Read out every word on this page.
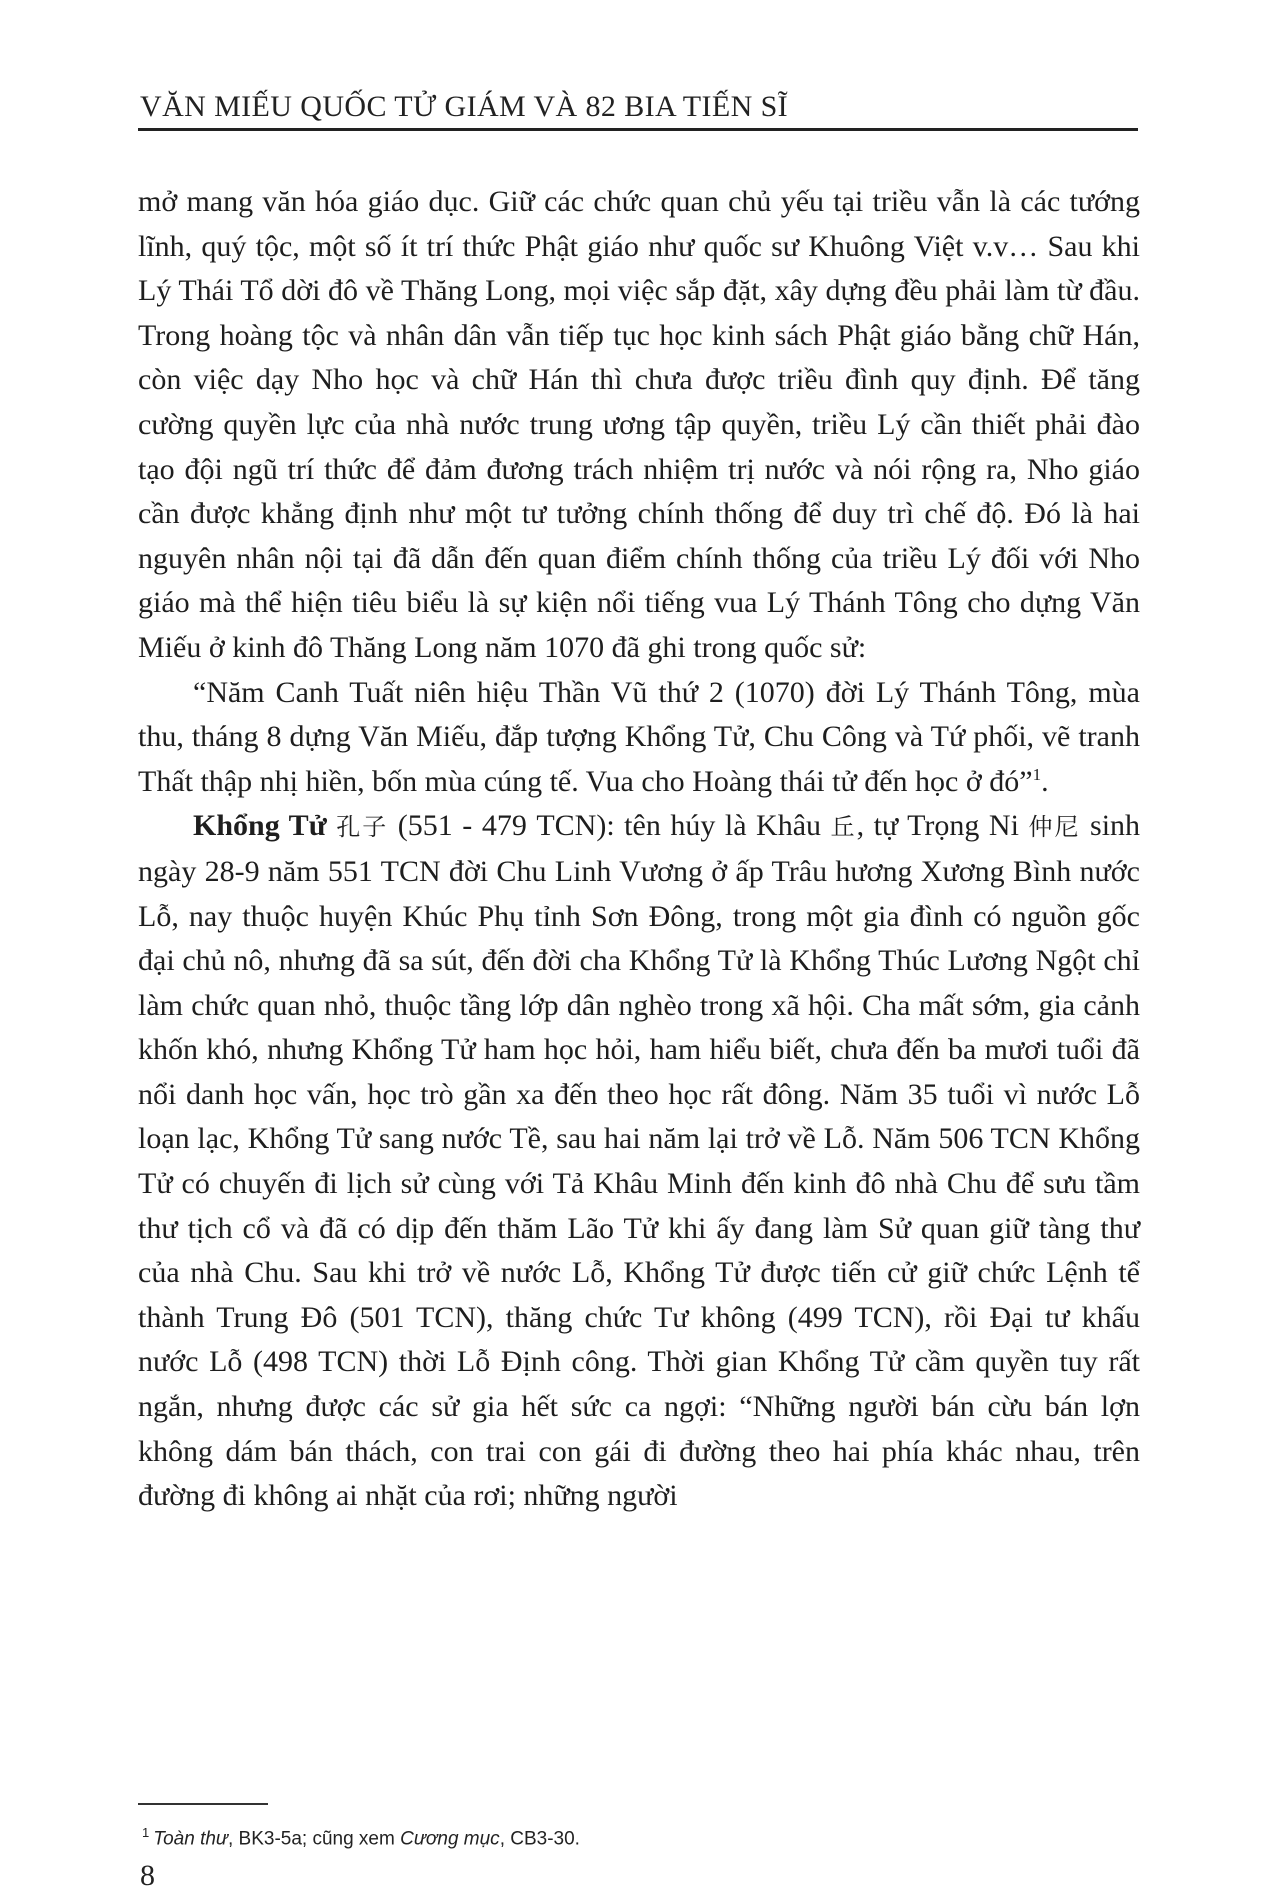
VĂN MIẾU QUỐC TỬ GIÁM VÀ 82 BIA TIẾN SĨ

mở mang văn hóa giáo dục. Giữ các chức quan chủ yếu tại triều vẫn là các tướng lĩnh, quý tộc, một số ít trí thức Phật giáo như quốc sư Khuông Việt v.v… Sau khi Lý Thái Tổ dời đô về Thăng Long, mọi việc sắp đặt, xây dựng đều phải làm từ đầu. Trong hoàng tộc và nhân dân vẫn tiếp tục học kinh sách Phật giáo bằng chữ Hán, còn việc dạy Nho học và chữ Hán thì chưa được triều đình quy định. Để tăng cường quyền lực của nhà nước trung ương tập quyền, triều Lý cần thiết phải đào tạo đội ngũ trí thức để đảm đương trách nhiệm trị nước và nói rộng ra, Nho giáo cần được khẳng định như một tư tưởng chính thống để duy trì chế độ. Đó là hai nguyên nhân nội tại đã dẫn đến quan điểm chính thống của triều Lý đối với Nho giáo mà thể hiện tiêu biểu là sự kiện nổi tiếng vua Lý Thánh Tông cho dựng Văn Miếu ở kinh đô Thăng Long năm 1070 đã ghi trong quốc sử:

“Năm Canh Tuất niên hiệu Thần Vũ thứ 2 (1070) đời Lý Thánh Tông, mùa thu, tháng 8 dựng Văn Miếu, đắp tượng Khổng Tử, Chu Công và Tứ phối, vẽ tranh Thất thập nhị hiền, bốn mùa cúng tế. Vua cho Hoàng thái tử đến học ở đó”$^1$.

Khổng Tử 孔子 (551 - 479 TCN): tên húy là Khâu 丘, tự Trọng Ni 仲尼 sinh ngày 28-9 năm 551 TCN đời Chu Linh Vương ở ấp Trâu hương Xương Bình nước Lỗ, nay thuộc huyện Khúc Phụ tỉnh Sơn Đông, trong một gia đình có nguồn gốc đại chủ nô, nhưng đã sa sút, đến đời cha Khổng Tử là Khổng Thúc Lương Ngột chỉ làm chức quan nhỏ, thuộc tầng lớp dân nghèo trong xã hội. Cha mất sớm, gia cảnh khốn khó, nhưng Khổng Tử ham học hỏi, ham hiểu biết, chưa đến ba mươi tuổi đã nổi danh học vấn, học trò gần xa đến theo học rất đông. Năm 35 tuổi vì nước Lỗ loạn lạc, Khổng Tử sang nước Tề, sau hai năm lại trở về Lỗ. Năm 506 TCN Khổng Tử có chuyến đi lịch sử cùng với Tả Khâu Minh đến kinh đô nhà Chu để sưu tầm thư tịch cổ và đã có dịp đến thăm Lão Tử khi ấy đang làm Sử quan giữ tàng thư của nhà Chu. Sau khi trở về nước Lỗ, Khổng Tử được tiến cử giữ chức Lệnh tể thành Trung Đô (501 TCN), thăng chức Tư không (499 TCN), rồi Đại tư khấu nước Lỗ (498 TCN) thời Lỗ Định công. Thời gian Khổng Tử cầm quyền tuy rất ngắn, nhưng được các sử gia hết sức ca ngợi: “Những người bán cừu bán lợn không dám bán thách, con trai con gái đi đường theo hai phía khác nhau, trên đường đi không ai nhặt của rơi; những người

$^1$ Toàn thư, BK3-5a; cũng xem Cương mục, CB3-30.
8
